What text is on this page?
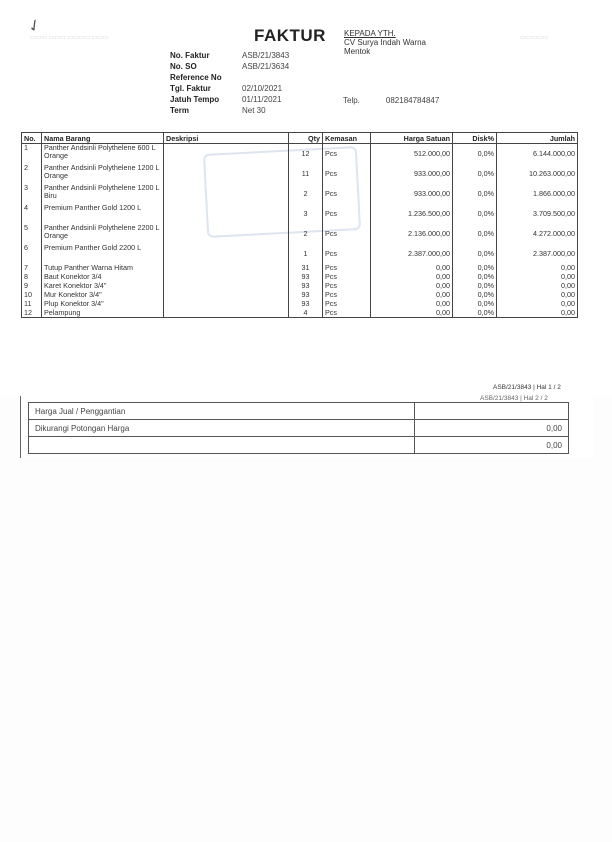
▭▭▭ ▭▭▭ ▭▭▭▭ ▭▭▭	▭▭▭▭▭
✓	FAKTUR KEPADA YTH.
CV Surya Indah Warna
Mentok
No. Faktur	ASB/21/3843
No. SO	ASB/21/3634
Reference No
Tgl. Faktur	02/10/2021
Jatuh Tempo	01/11/2021
Term	Net 30
Telp.	082184784847
No.	Nama Barang	Deskripsi	Qty	Kemasan	Harga Satuan	Disk%	Jumlah
1	Panther Andsinli Polythelene 600 L Orange		12	Pcs	512.000,00	0,0%	6.144.000,00
2	Panther Andsinli Polythelene 1200 L Orange		11	Pcs	933.000,00	0,0%	10.263.000,00
3	Panther Andsinli Polythelene 1200 L Biru		2	Pcs	933.000,00	0,0%	1.866.000,00
4	Premium Panther Gold 1200 L		3	Pcs	1.236.500,00	0,0%	3.709.500,00
5	Panther Andsinli Polythelene 2200 L Orange		2	Pcs	2.136.000,00	0,0%	4.272.000,00
6	Premium Panther Gold 2200 L		1	Pcs	2.387.000,00	0,0%	2.387.000,00
7	Tutup Panther Warna Hitam		31	Pcs	0,00	0,0%	0,00
8	Baut Konektor 3/4		93	Pcs	0,00	0,0%	0,00
9	Karet Konektor 3/4"		93	Pcs	0,00	0,0%	0,00
10	Mur Konektor 3/4"		93	Pcs	0,00	0,0%	0,00
11	Plup Konektor 3/4"		93	Pcs	0,00	0,0%	0,00
12	Pelampung		4	Pcs	0,00	0,0%	0,00
ASB/21/3843 | Hal 1 / 2
ASB/21/3843 | Hal 2 / 2
Harga Jual / Penggantian	
Dikurangi Potongan Harga	0,00
	0,00
